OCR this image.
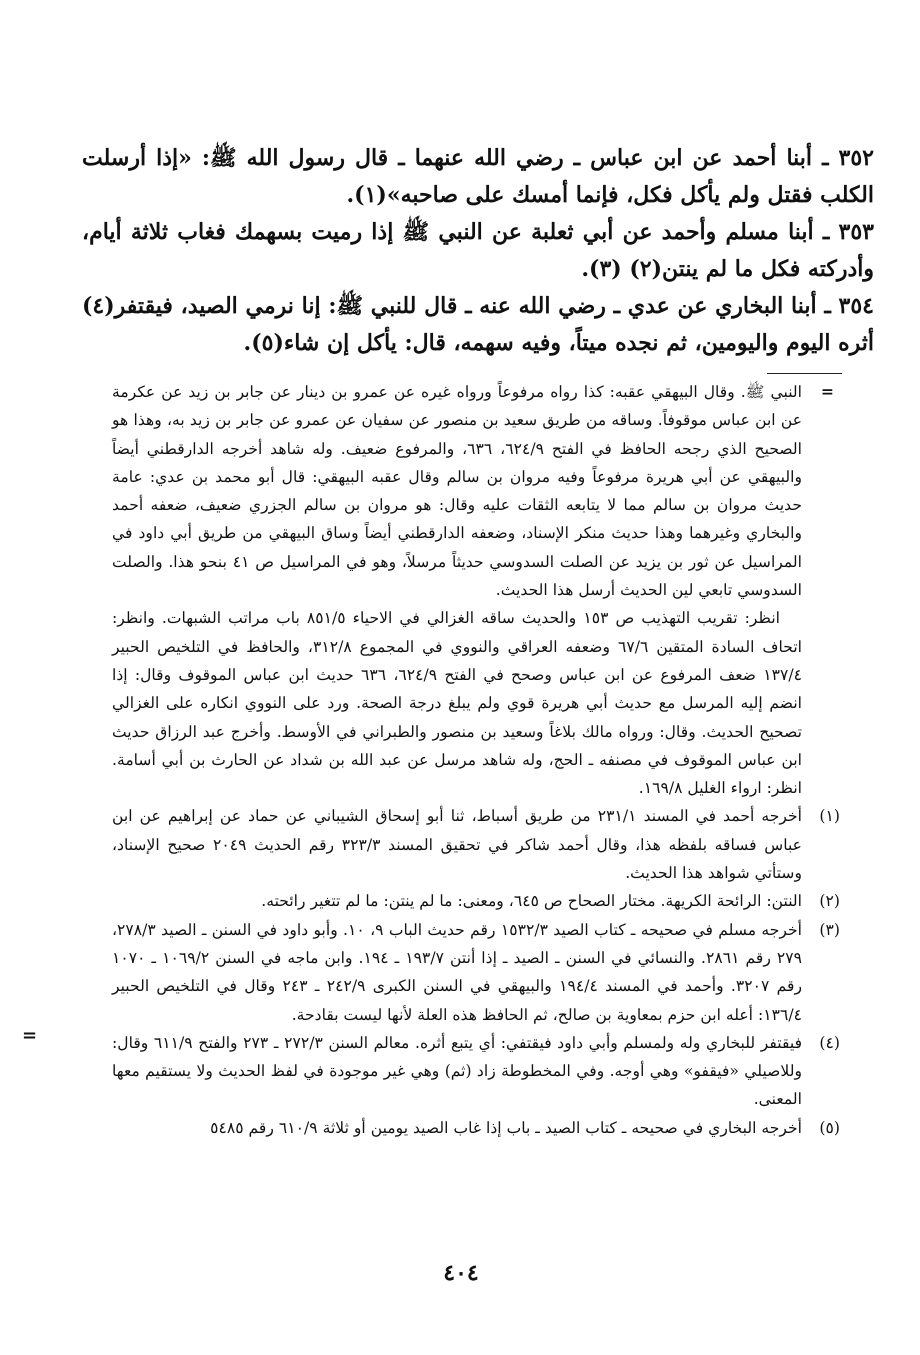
٣٥٢ ـ أبنا أحمد عن ابن عباس ـ رضي الله عنهما ـ قال رسول الله ﷺ: «إذا أرسلت الكلب فقتل ولم يأكل فكل، فإنما أمسك على صاحبه»(١).

٣٥٣ ـ أبنا مسلم وأحمد عن أبي ثعلبة عن النبي ﷺ إذا رميت بسهمك فغاب ثلاثة أيام، وأدركته فكل ما لم ينتن(٢) (٣).

٣٥٤ ـ أبنا البخاري عن عدي ـ رضي الله عنه ـ قال للنبي ﷺ: إنا نرمي الصيد، فيقتفر(٤) أثره اليوم واليومين، ثم نجده ميتاً، وفيه سهمه، قال: يأكل إن شاء(٥).

=
النبي ﷺ. وقال البيهقي عقبه: كذا رواه مرفوعاً ورواه غيره عن عمرو بن دينار عن جابر بن زيد عن عكرمة عن ابن عباس موقوفاً. وساقه من طريق سعيد بن منصور عن سفيان عن عمرو عن جابر بن زيد به، وهذا هو الصحيح الذي رجحه الحافظ في الفتح ٦٢٤/٩، ٦٣٦، والمرفوع ضعيف. وله شاهد أخرجه الدارقطني أيضاً والبيهقي عن أبي هريرة مرفوعاً وفيه مروان بن سالم وقال عقبه البيهقي: قال أبو محمد بن عدي: عامة حديث مروان بن سالم مما لا يتابعه الثقات عليه وقال: هو مروان بن سالم الجزري ضعيف، ضعفه أحمد والبخاري وغيرهما وهذا حديث منكر الإسناد، وضعفه الدارقطني أيضاً وساق البيهقي من طريق أبي داود في المراسيل عن ثور بن يزيد عن الصلت السدوسي حديثاً مرسلاً، وهو في المراسيل ص ٤١ بنحو هذا. والصلت السدوسي تابعي لين الحديث أرسل هذا الحديث.

انظر: تقريب التهذيب ص ١٥٣ والحديث ساقه الغزالي في الاحياء ٨٥١/٥ باب مراتب الشبهات. وانظر: اتحاف السادة المتقين ٦٧/٦ وضعفه العراقي والنووي في المجموع ٣١٢/٨، والحافظ في التلخيص الحبير ١٣٧/٤ ضعف المرفوع عن ابن عباس وصحح في الفتح ٦٢٤/٩، ٦٣٦ حديث ابن عباس الموقوف وقال: إذا انضم إليه المرسل مع حديث أبي هريرة قوي ولم يبلغ درجة الصحة. ورد على النووي انكاره على الغزالي تصحيح الحديث. وقال: ورواه مالك بلاغاً وسعيد بن منصور والطبراني في الأوسط. وأخرج عبد الرزاق حديث ابن عباس الموقوف في مصنفه ـ الحج، وله شاهد مرسل عن عبد الله بن شداد عن الحارث بن أبي أسامة. انظر: ارواء الغليل ١٦٩/٨.

(١)
أخرجه أحمد في المسند ٢٣١/١ من طريق أسباط، ثنا أبو إسحاق الشيباني عن حماد عن إبراهيم عن ابن عباس فساقه بلفظه هذا، وقال أحمد شاكر في تحقيق المسند ٣٢٣/٣ رقم الحديث ٢٠٤٩ صحيح الإسناد، وستأتي شواهد هذا الحديث.

(٢)
النتن: الرائحة الكريهة. مختار الصحاح ص ٦٤٥، ومعنى: ما لم ينتن: ما لم تتغير رائحته.

(٣)
أخرجه مسلم في صحيحه ـ كتاب الصيد ١٥٣٢/٣ رقم حديث الباب ٩، ١٠. وأبو داود في السنن ـ الصيد ٢٧٨/٣، ٢٧٩ رقم ٢٨٦١. والنسائي في السنن ـ الصيد ـ إذا أنتن ١٩٣/٧ ـ ١٩٤. وابن ماجه في السنن ١٠٦٩/٢ ـ ١٠٧٠ رقم ٣٢٠٧. وأحمد في المسند ١٩٤/٤ والبيهقي في السنن الكبرى ٢٤٢/٩ ـ ٢٤٣ وقال في التلخيص الحبير ١٣٦/٤: أعله ابن حزم بمعاوية بن صالح، ثم الحافظ هذه العلة لأنها ليست بقادحة.

(٤)
فيقتفر للبخاري وله ولمسلم وأبي داود فيقتفي: أي يتبع أثره. معالم السنن ٢٧٢/٣ ـ ٢٧٣ والفتح ٦١١/٩ وقال: وللاصيلي «فيقفو» وهي أوجه. وفي المخطوطة زاد (ثم) وهي غير موجودة في لفظ الحديث ولا يستقيم معها المعنى.

(٥)
أخرجه البخاري في صحيحه ـ كتاب الصيد ـ باب إذا غاب الصيد يومين أو ثلاثة ٦١٠/٩ رقم ٥٤٨٥

=
٤٠٤
